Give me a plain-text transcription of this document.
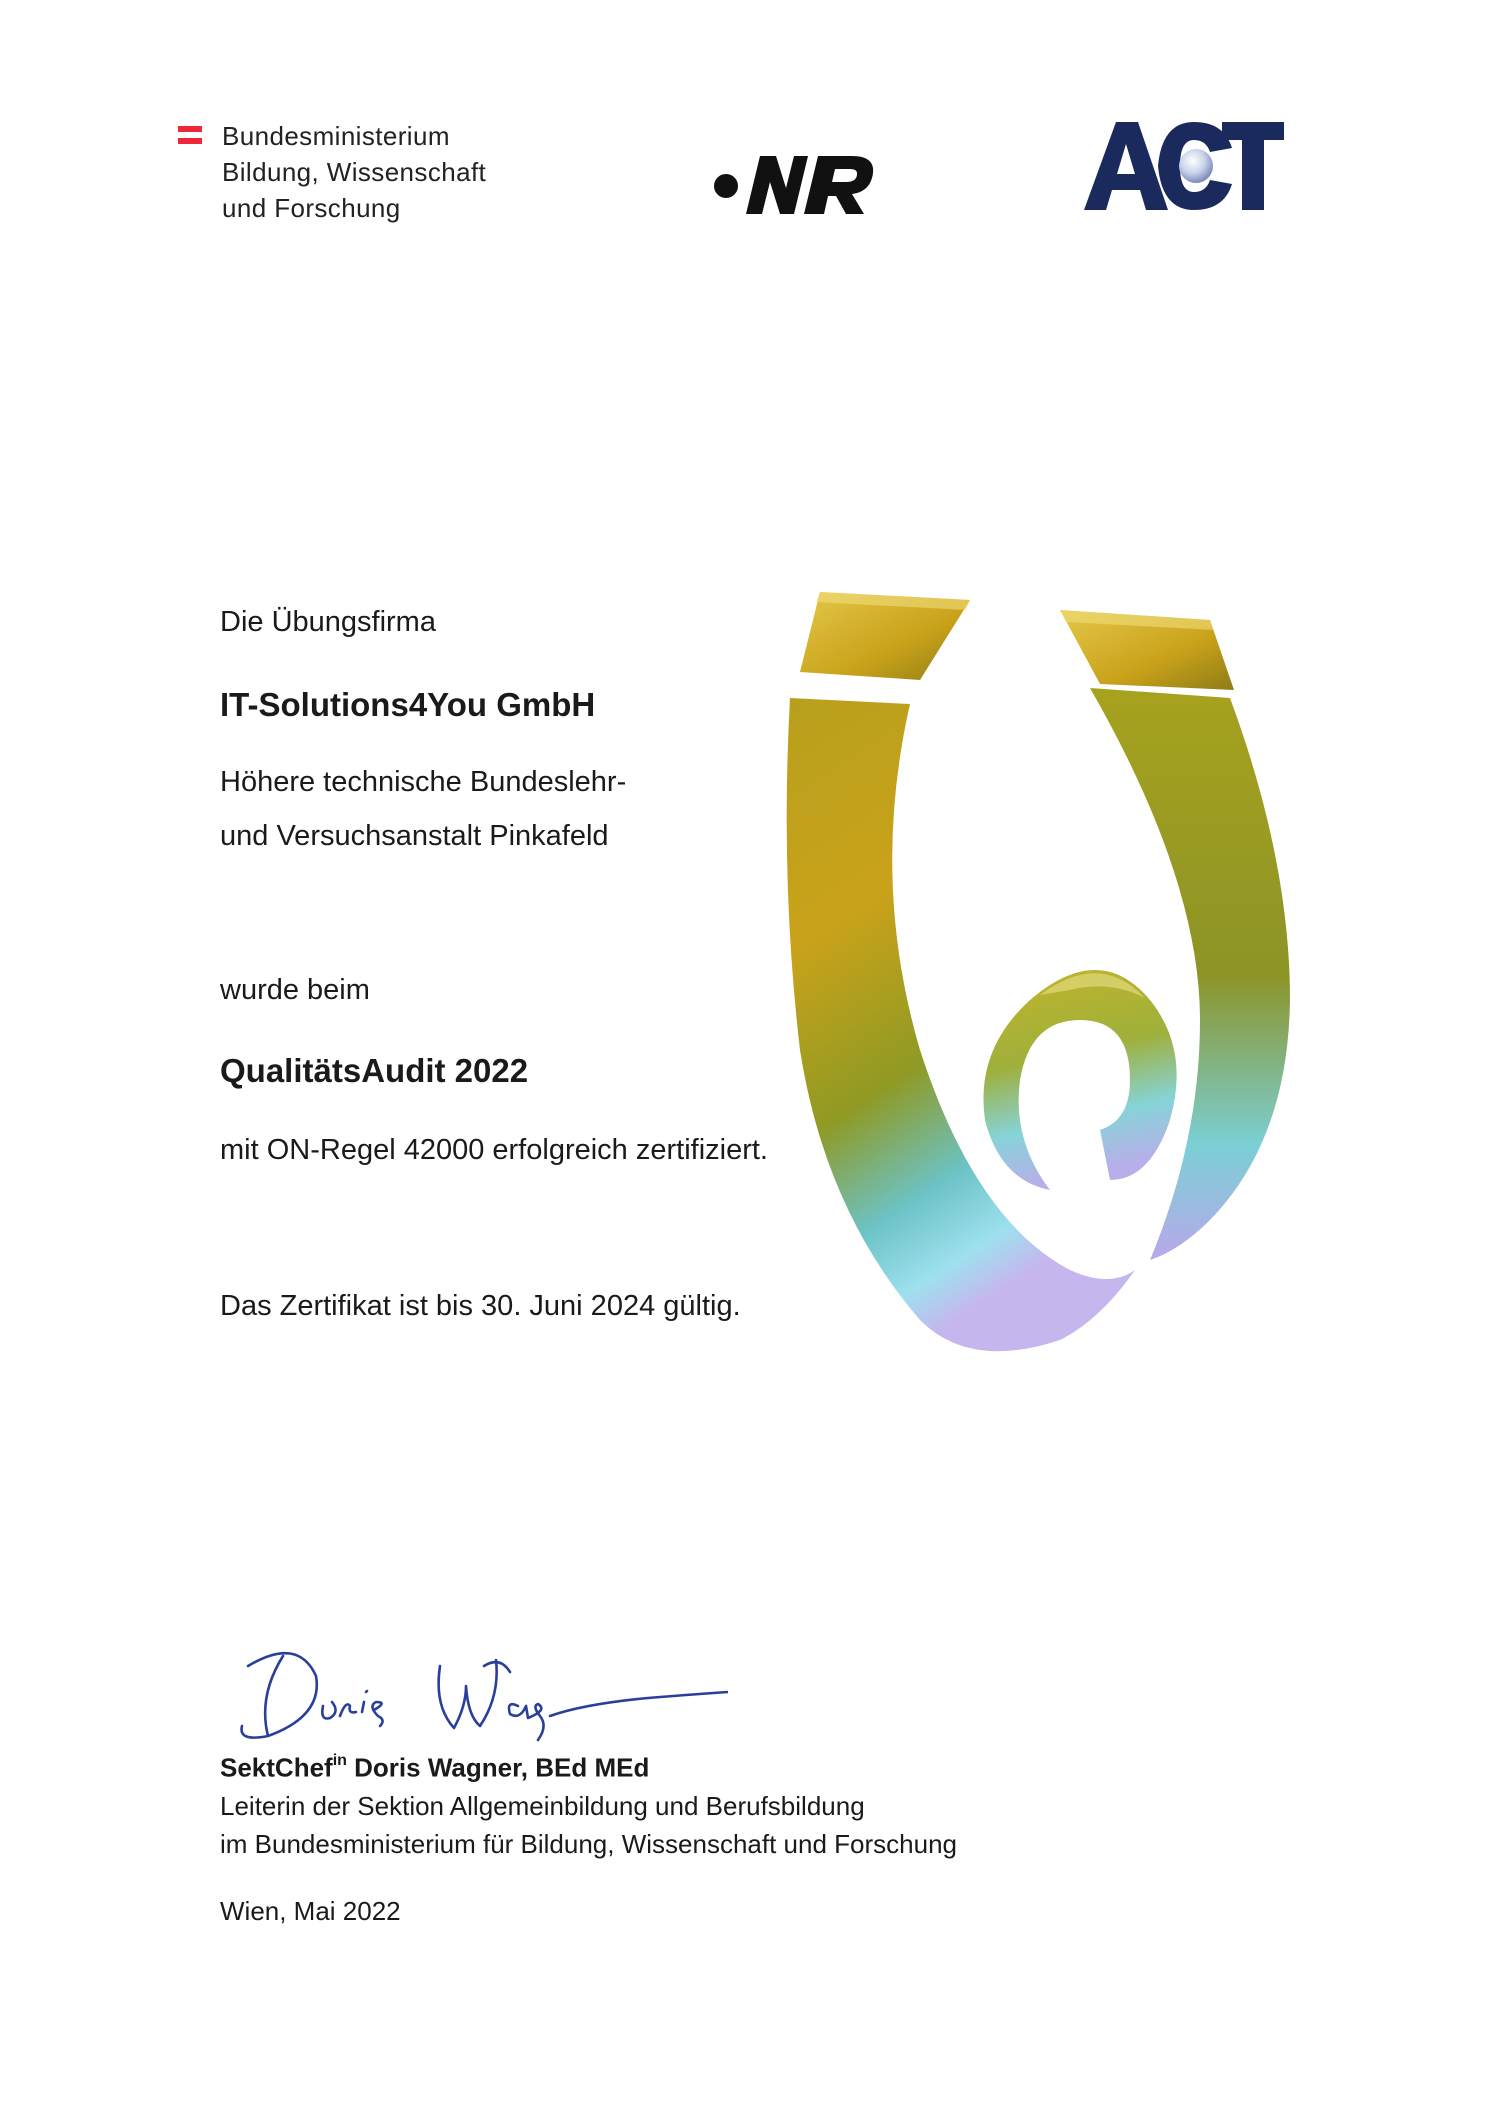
Bundesministerium
Bildung, Wissenschaft
und Forschung
Die Übungsfirma
IT-Solutions4You GmbH
Höhere technische Bundeslehr-
und Versuchsanstalt Pinkafeld
wurde beim
QualitätsAudit 2022
mit ON-Regel 42000 erfolgreich zertifiziert.
Das Zertifikat ist bis 30. Juni 2024 gültig.
SektChef$^{in}$ Doris Wagner, BEd MEd
Leiterin der Sektion Allgemeinbildung und Berufsbildung
im Bundesministerium für Bildung, Wissenschaft und Forschung
Wien, Mai 2022
